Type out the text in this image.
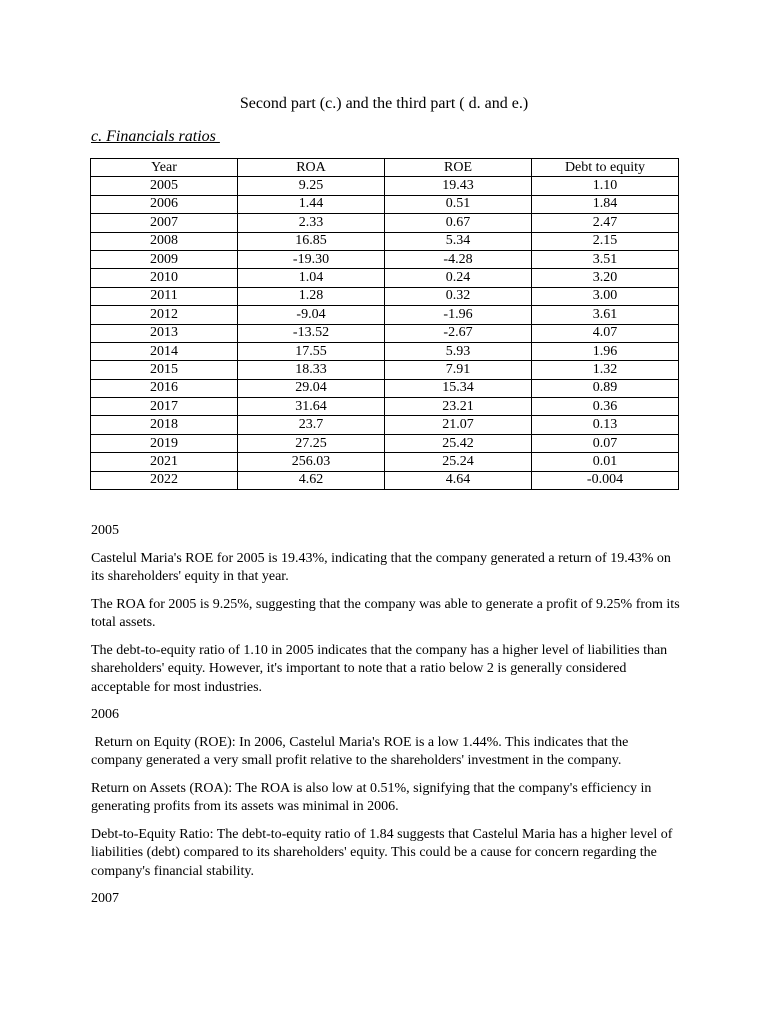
Second part (c.) and the third part ( d. and e.)
c. Financials ratios
Year	ROA	ROE	Debt to equity
2005	9.25	19.43	1.10
2006	1.44	0.51	1.84
2007	2.33	0.67	2.47
2008	16.85	5.34	2.15
2009	-19.30	-4.28	3.51
2010	1.04	0.24	3.20
2011	1.28	0.32	3.00
2012	-9.04	-1.96	3.61
2013	-13.52	-2.67	4.07
2014	17.55	5.93	1.96
2015	18.33	7.91	1.32
2016	29.04	15.34	0.89
2017	31.64	23.21	0.36
2018	23.7	21.07	0.13
2019	27.25	25.42	0.07
2021	256.03	25.24	0.01
2022	4.62	4.64	-0.004

2005

Castelul Maria's ROE for 2005 is 19.43%, indicating that the company generated a return of 19.43% on its shareholders' equity in that year.

The ROA for 2005 is 9.25%, suggesting that the company was able to generate a profit of 9.25% from its total assets.

The debt-to-equity ratio of 1.10 in 2005 indicates that the company has a higher level of liabilities than shareholders' equity. However, it's important to note that a ratio below 2 is generally considered acceptable for most industries.

2006

Return on Equity (ROE): In 2006, Castelul Maria's ROE is a low 1.44%. This indicates that the company generated a very small profit relative to the shareholders' investment in the company.

Return on Assets (ROA): The ROA is also low at 0.51%, signifying that the company's efficiency in generating profits from its assets was minimal in 2006.

Debt-to-Equity Ratio: The debt-to-equity ratio of 1.84 suggests that Castelul Maria has a higher level of liabilities (debt) compared to its shareholders' equity. This could be a cause for concern regarding the company's financial stability.

2007
